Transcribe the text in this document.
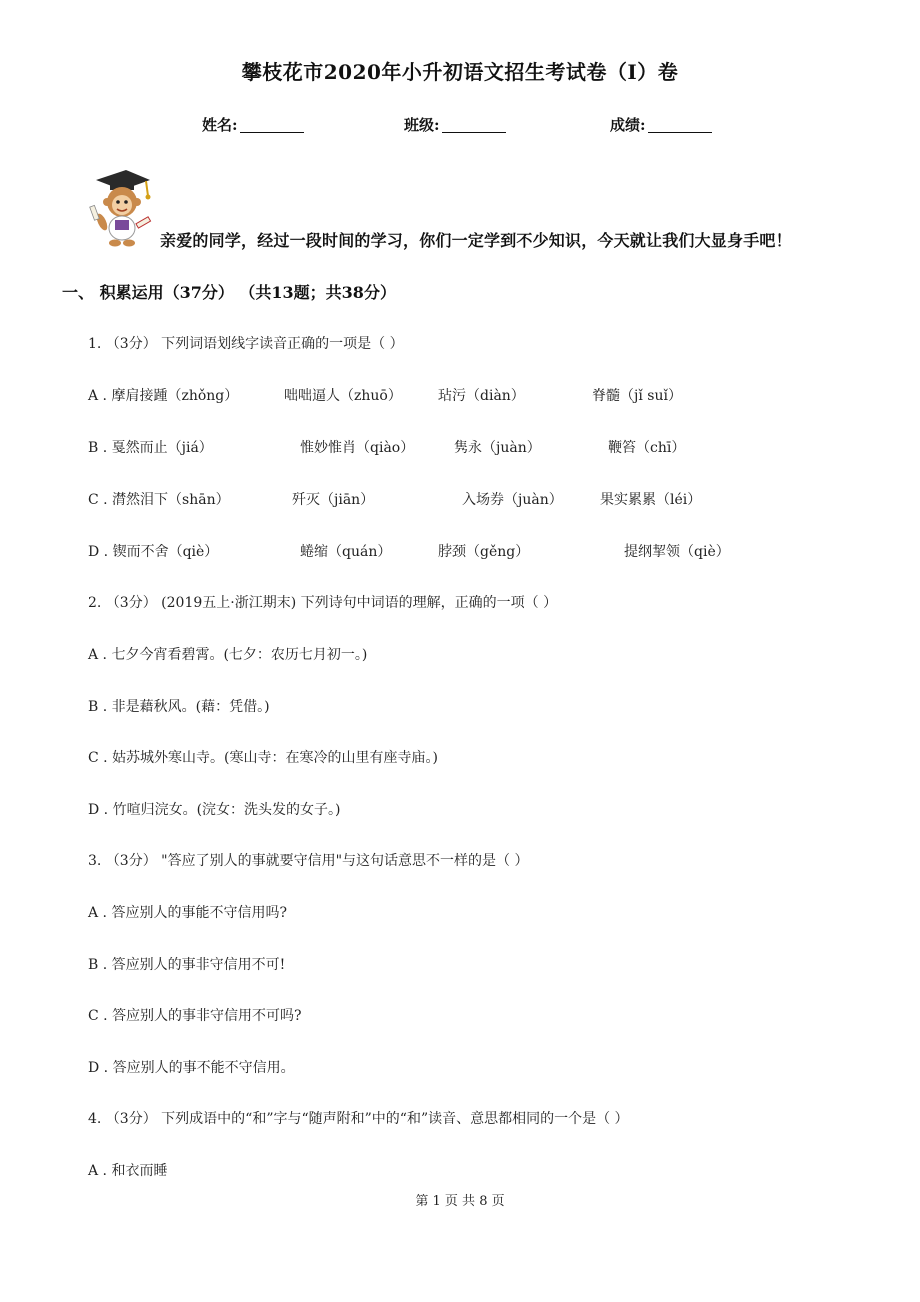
攀枝花市2020年小升初语文招生考试卷（I）卷
姓名:	班级:	成绩:
亲爱的同学，经过一段时间的学习，你们一定学到不少知识，今天就让我们大显身手吧！
一、 积累运用（37分） （共13题；共38分）
1. （3分） 下列词语划线字读音正确的一项是（ ）
A . 摩肩接踵（zhǒng）	咄咄逼人（zhuō）	玷污（diàn）	脊髓（jǐ suǐ）
B . 戛然而止（jiá）	惟妙惟肖（qiào）	隽永（juàn）	鞭笞（chī）
C . 潸然泪下（shān）	歼灭（jiān）	入场券（juàn）	果实累累（léi）
D . 锲而不舍（qiè）	蜷缩（quán）	脖颈（gěng）	提纲挈领（qiè）
2. （3分） (2019五上·浙江期末) 下列诗句中词语的理解，正确的一项（ ）
A . 七夕今宵看碧霄。(七夕：农历七月初一。)
B . 非是藉秋风。(藉：凭借。)
C . 姑苏城外寒山寺。(寒山寺：在寒冷的山里有座寺庙。)
D . 竹喧归浣女。(浣女：洗头发的女子。)
3. （3分） "答应了别人的事就要守信用"与这句话意思不一样的是（ ）
A . 答应别人的事能不守信用吗?
B . 答应别人的事非守信用不可!
C . 答应别人的事非守信用不可吗?
D . 答应别人的事不能不守信用。
4. （3分） 下列成语中的“和”字与“随声附和”中的“和”读音、意思都相同的一个是（ ）
A . 和衣而睡
第 1 页 共 8 页
